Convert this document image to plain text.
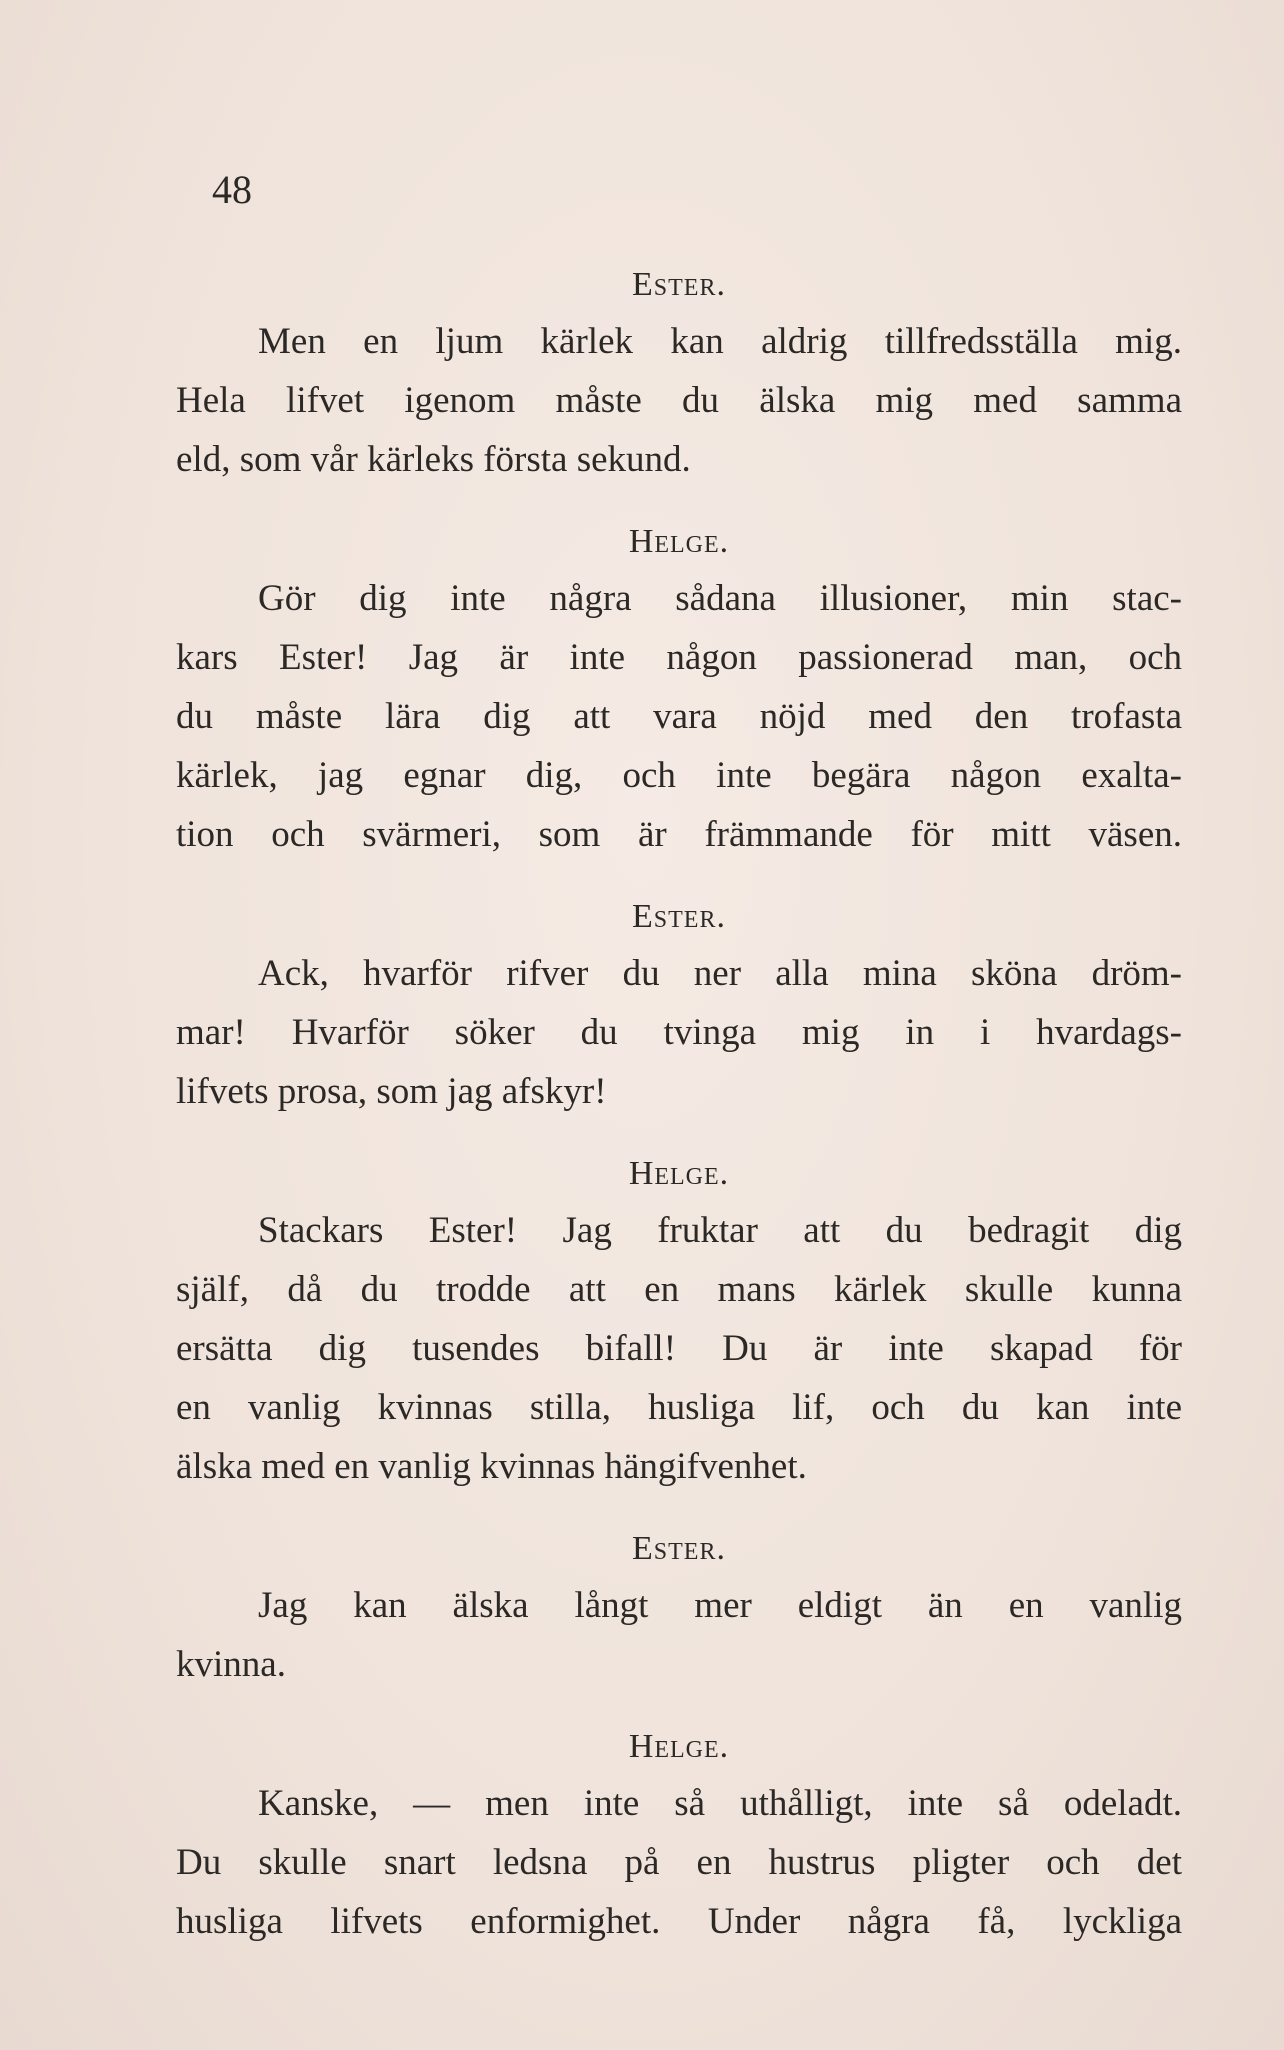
48
Ester.
Men en ljum kärlek kan aldrig tillfredsställa mig.
Hela lifvet igenom måste du älska mig med samma
eld, som vår kärleks första sekund.
Helge.
Gör dig inte några sådana illusioner, min stac-
kars Ester! Jag är inte någon passionerad man, och
du måste lära dig att vara nöjd med den trofasta
kärlek, jag egnar dig, och inte begära någon exalta-
tion och svärmeri, som är främmande för mitt väsen.
Ester.
Ack, hvarför rifver du ner alla mina sköna dröm-
mar! Hvarför söker du tvinga mig in i hvardags-
lifvets prosa, som jag afskyr!
Helge.
Stackars Ester! Jag fruktar att du bedragit dig
själf, då du trodde att en mans kärlek skulle kunna
ersätta dig tusendes bifall! Du är inte skapad för
en vanlig kvinnas stilla, husliga lif, och du kan inte
älska med en vanlig kvinnas hängifvenhet.
Ester.
Jag kan älska långt mer eldigt än en vanlig
kvinna.
Helge.
Kanske, — men inte så uthålligt, inte så odeladt.
Du skulle snart ledsna på en hustrus pligter och det
husliga lifvets enformighet. Under några få, lyckliga
